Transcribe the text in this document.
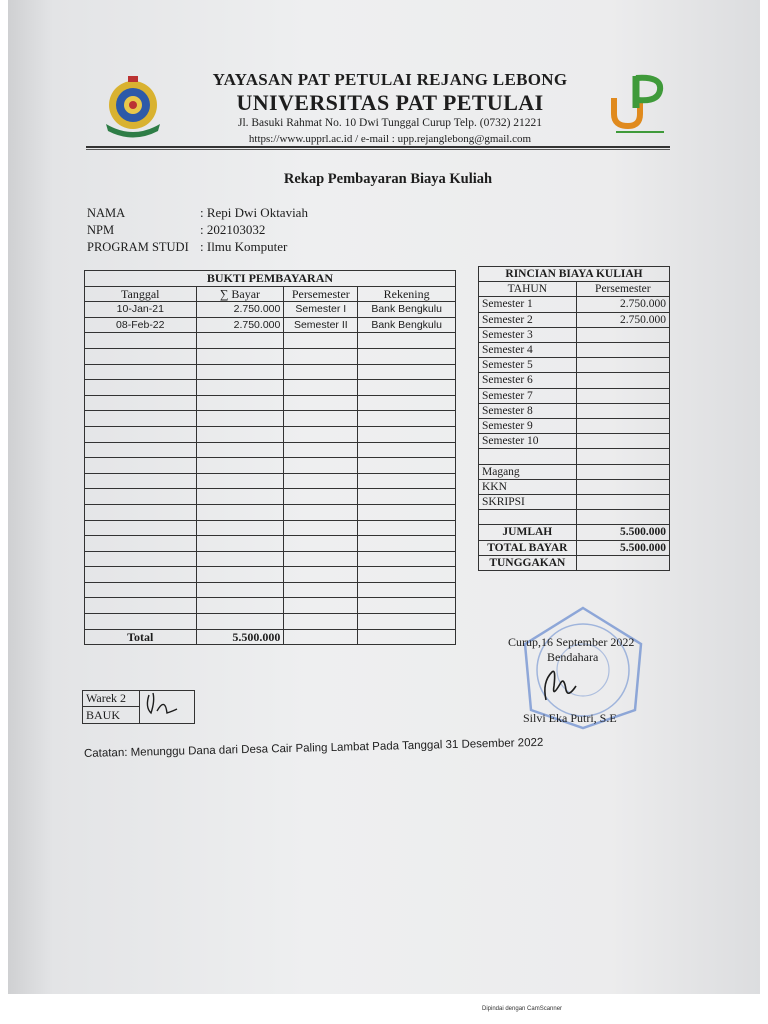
YAYASAN PAT PETULAI REJANG LEBONG
UNIVERSITAS PAT PETULAI
Jl. Basuki Rahmat No. 10 Dwi Tunggal Curup Telp. (0732) 21221
https://www.upprl.ac.id / e-mail : upp.rejanglebong@gmail.com
Rekap Pembayaran Biaya Kuliah
NAMA	: Repi Dwi Oktaviah
NPM	: 202103032
PROGRAM STUDI : Ilmu Komputer
BUKTI PEMBAYARAN			
Tanggal	∑ Bayar	Persemester	Rekening
10-Jan-21	2.750.000	Semester I	Bank Bengkulu
08-Feb-22	2.750.000	Semester II	Bank Bengkulu

Total	5.500.000		
RINCIAN BIAYA KULIAH	
TAHUN	Persemester
Semester 1	2.750.000
Semester 2	2.750.000
Semester 3	
Semester 4	
Semester 5	
Semester 6	
Semester 7	
Semester 8	
Semester 9	
Semester 10	

Magang	
KKN	
SKRIPSI	

JUMLAH	5.500.000
TOTAL BAYAR	5.500.000
TUNGGAKAN	
Curup,16 September 2022
Bendahara
Silvi Eka Putri, S.E
Warek 2	
BAUK
Catatan: Menunggu Dana dari Desa Cair Paling Lambat Pada Tanggal 31 Desember 2022
Dipindai dengan CamScanner
